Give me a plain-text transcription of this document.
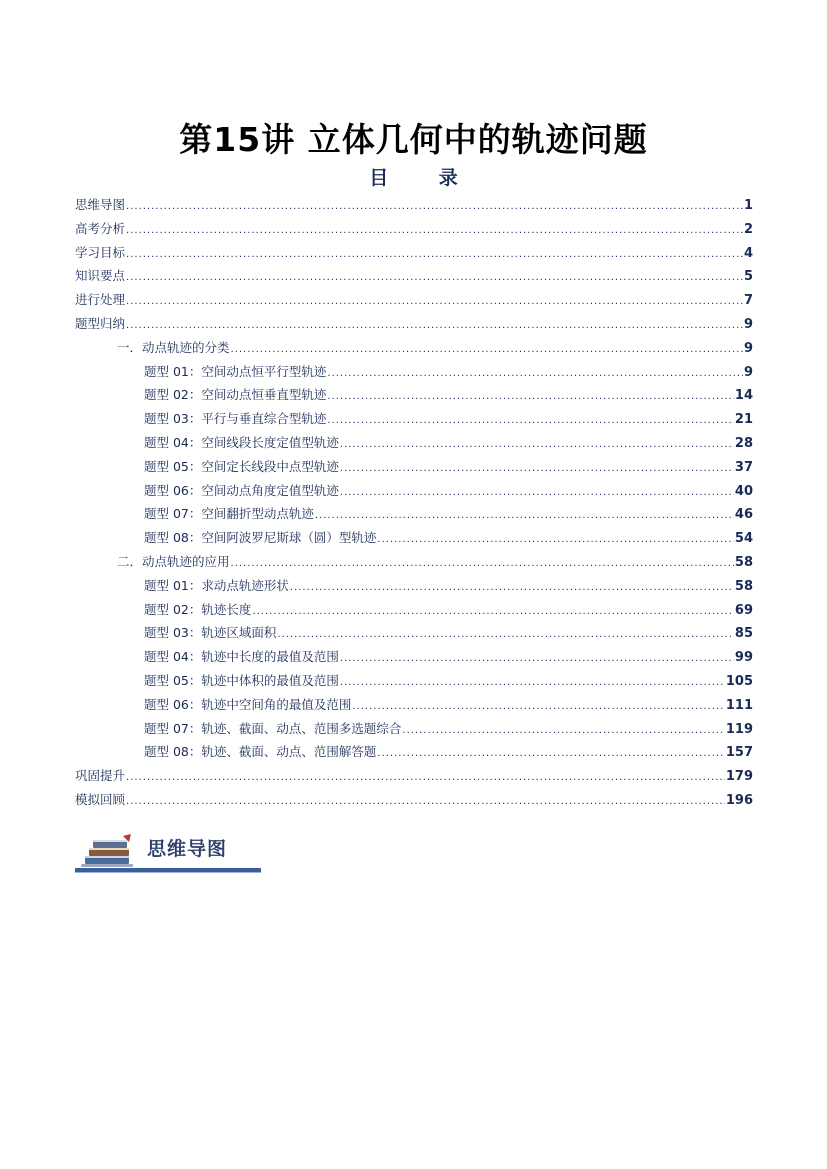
第15讲 立体几何中的轨迹问题
目 录
思维导图 .....	1
高考分析 .....	2
学习目标 .....	4
知识要点 .....	5
进行处理 .....	7
题型归纳 .....	9
一．动点轨迹的分类 .....	9
题型 01：空间动点恒平行型轨迹 .....	9
题型 02：空间动点恒垂直型轨迹 .....	14
题型 03：平行与垂直综合型轨迹 .....	21
题型 04：空间线段长度定值型轨迹 .....	28
题型 05：空间定长线段中点型轨迹 .....	37
题型 06：空间动点角度定值型轨迹 .....	40
题型 07：空间翻折型动点轨迹 .....	46
题型 08：空间阿波罗尼斯球（圆）型轨迹 .....	54
二．动点轨迹的应用 .....	58
题型 01：求动点轨迹形状 .....	58
题型 02：轨迹长度 .....	69
题型 03：轨迹区域面积 .....	85
题型 04：轨迹中长度的最值及范围 .....	99
题型 05：轨迹中体积的最值及范围 .....	105
题型 06：轨迹中空间角的最值及范围 .....	111
题型 07：轨迹、截面、动点、范围多选题综合 .....	119
题型 08：轨迹、截面、动点、范围解答题 .....	157
巩固提升 .....	179
模拟回顾 .....	196
思维导图
